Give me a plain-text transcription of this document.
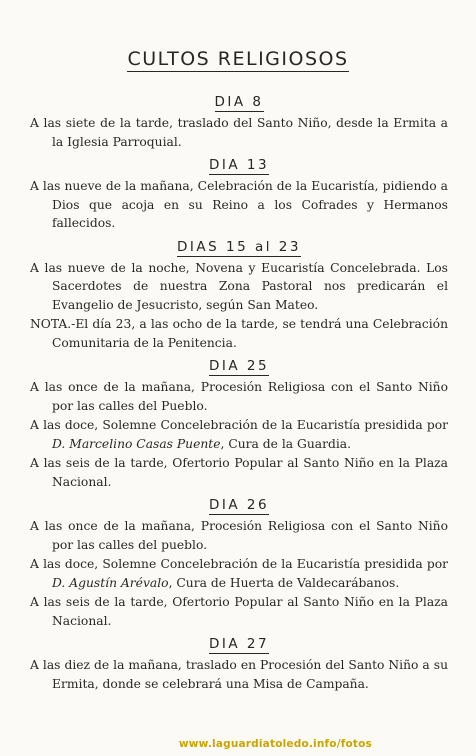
CULTOS RELIGIOSOS
DIA 8
A las siete de la tarde, traslado del Santo Niño, desde la Ermita a la Iglesia Parroquial.
DIA 13
A las nueve de la mañana, Celebración de la Eucaristía, pidiendo a Dios que acoja en su Reino a los Cofrades y Hermanos fallecidos.
DIAS 15 al 23
A las nueve de la noche, Novena y Eucaristía Concelebrada. Los Sacerdotes de nuestra Zona Pastoral nos predicarán el Evangelio de Jesucristo, según San Mateo.
NOTA.-El día 23, a las ocho de la tarde, se tendrá una Celebración Comunitaria de la Penitencia.
DIA 25
A las once de la mañana, Procesión Religiosa con el Santo Niño por las calles del Pueblo.
A las doce, Solemne Concelebración de la Eucaristía presidida por D. Marcelino Casas Puente, Cura de la Guardia.
A las seis de la tarde, Ofertorio Popular al Santo Niño en la Plaza Nacional.
DIA 26
A las once de la mañana, Procesión Religiosa con el Santo Niño por las calles del pueblo.
A las doce, Solemne Concelebración de la Eucaristía presidida por D. Agustín Arévalo, Cura de Huerta de Valdecarábanos.
A las seis de la tarde, Ofertorio Popular al Santo Niño en la Plaza Nacional.
DIA 27
A las diez de la mañana, traslado en Procesión del Santo Niño a su Ermita, donde se celebrará una Misa de Campaña.
www.laguardiatoledo.info/fotos
